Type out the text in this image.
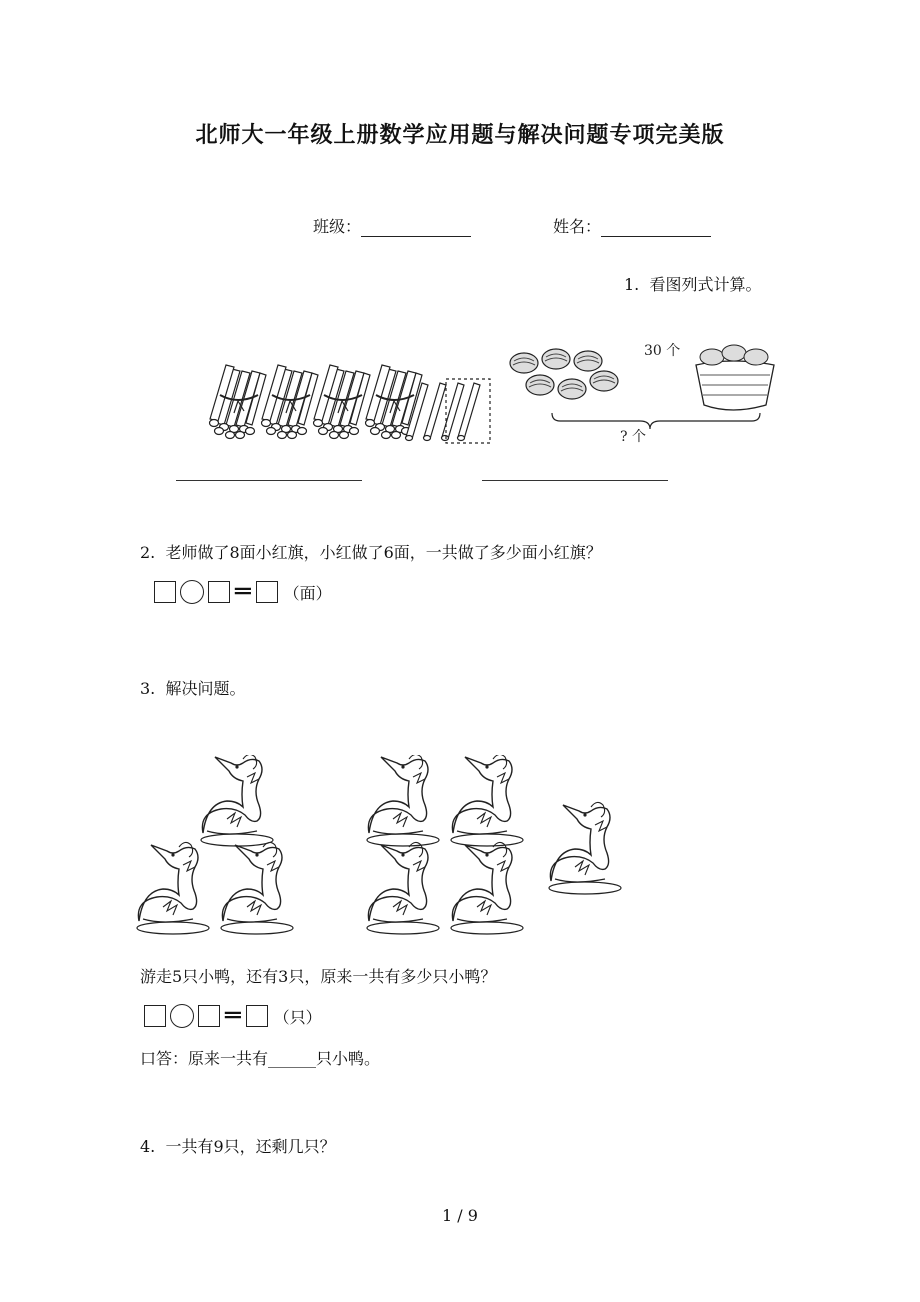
北师大一年级上册数学应用题与解决问题专项完美版
班级：	姓名：
1. 看图列式计算。
30 个
? 个
2. 老师做了8面小红旗，小红做了6面，一共做了多少面小红旗？
═ （面）
3. 解决问题。
游走5只小鸭，还有3只，原来一共有多少只小鸭？
═ （只）
口答：原来一共有______只小鸭。
4. 一共有9只，还剩几只？
1 / 9
